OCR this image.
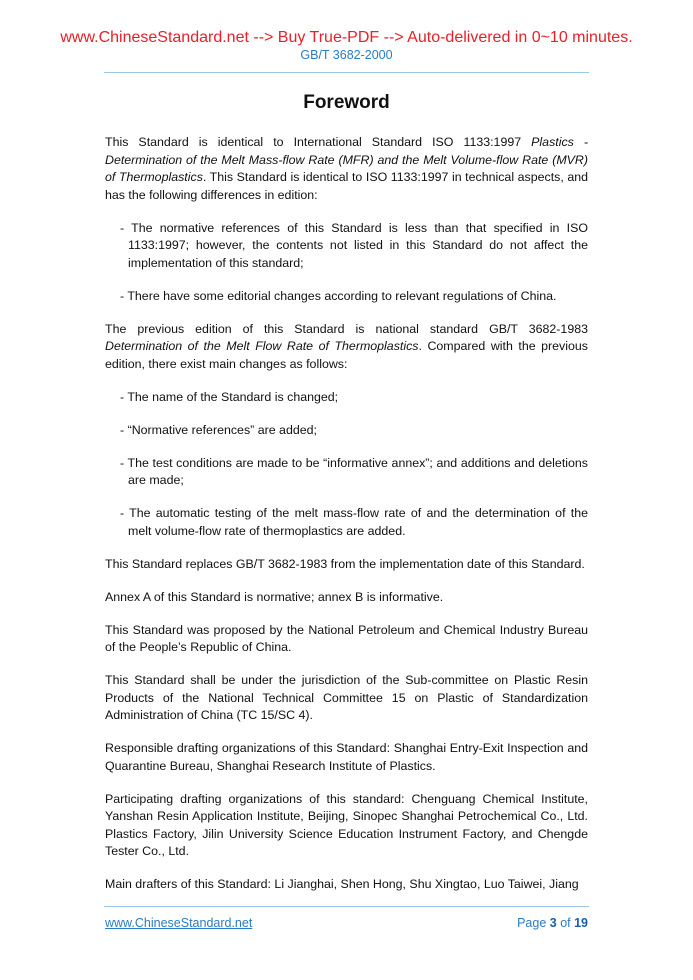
www.ChineseStandard.net --> Buy True-PDF --> Auto-delivered in 0~10 minutes.
GB/T 3682-2000
Foreword

This Standard is identical to International Standard ISO 1133:1997 Plastics - Determination of the Melt Mass-flow Rate (MFR) and the Melt Volume-flow Rate (MVR) of Thermoplastics. This Standard is identical to ISO 1133:1997 in technical aspects, and has the following differences in edition:

- The normative references of this Standard is less than that specified in ISO 1133:1997; however, the contents not listed in this Standard do not affect the implementation of this standard;

- There have some editorial changes according to relevant regulations of China.

The previous edition of this Standard is national standard GB/T 3682-1983 Determination of the Melt Flow Rate of Thermoplastics. Compared with the previous edition, there exist main changes as follows:

- The name of the Standard is changed;

- “Normative references” are added;

- The test conditions are made to be “informative annex”; and additions and deletions are made;

- The automatic testing of the melt mass-flow rate of and the determination of the melt volume-flow rate of thermoplastics are added.

This Standard replaces GB/T 3682-1983 from the implementation date of this Standard.

Annex A of this Standard is normative; annex B is informative.

This Standard was proposed by the National Petroleum and Chemical Industry Bureau of the People’s Republic of China.

This Standard shall be under the jurisdiction of the Sub-committee on Plastic Resin Products of the National Technical Committee 15 on Plastic of Standardization Administration of China (TC 15/SC 4).

Responsible drafting organizations of this Standard: Shanghai Entry-Exit Inspection and Quarantine Bureau, Shanghai Research Institute of Plastics.

Participating drafting organizations of this standard: Chenguang Chemical Institute, Yanshan Resin Application Institute, Beijing, Sinopec Shanghai Petrochemical Co., Ltd. Plastics Factory, Jilin University Science Education Instrument Factory, and Chengde Tester Co., Ltd.

Main drafters of this Standard: Li Jianghai, Shen Hong, Shu Xingtao, Luo Taiwei, Jiang

www.ChineseStandard.net	Page 3 of 19
